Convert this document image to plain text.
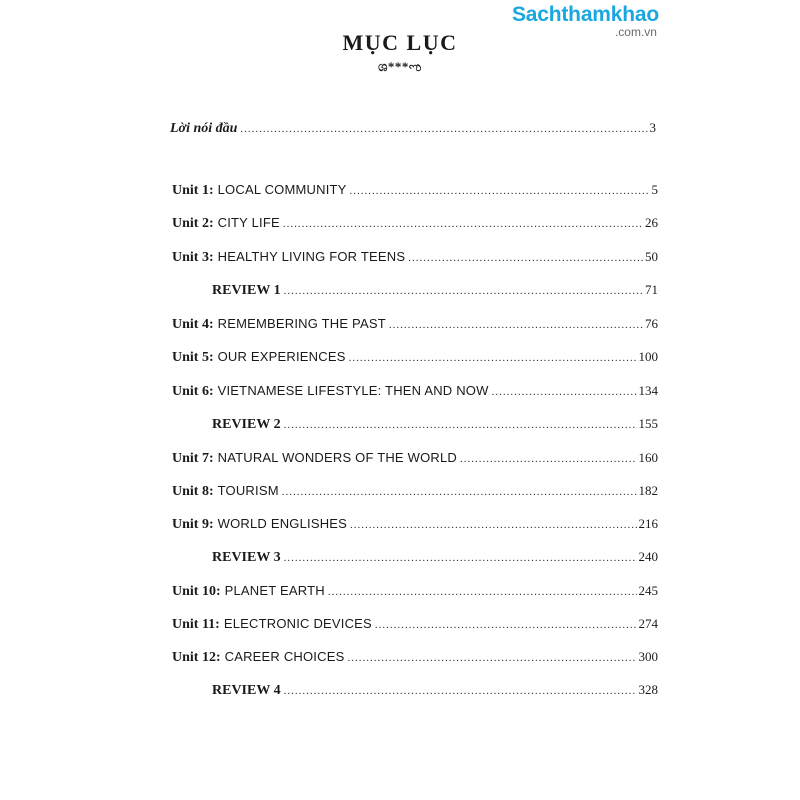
Sachthamkhao
.com.vn
MỤC LỤC
ශ***ಌ
Lời nói đầu .....	3
Unit 1: LOCAL COMMUNITY .....	5
Unit 2: CITY LIFE .....	26
Unit 3: HEALTHY LIVING FOR TEENS .....	50
REVIEW 1 .....	71
Unit 4: REMEMBERING THE PAST .....	76
Unit 5: OUR EXPERIENCES .....	100
Unit 6: VIETNAMESE LIFESTYLE: THEN AND NOW .....	134
REVIEW 2 .....	155
Unit 7: NATURAL WONDERS OF THE WORLD .....	160
Unit 8: TOURISM .....	182
Unit 9: WORLD ENGLISHES .....	216
REVIEW 3 .....	240
Unit 10: PLANET EARTH .....	245
Unit 11: ELECTRONIC DEVICES .....	274
Unit 12: CAREER CHOICES .....	300
REVIEW 4 .....	328
